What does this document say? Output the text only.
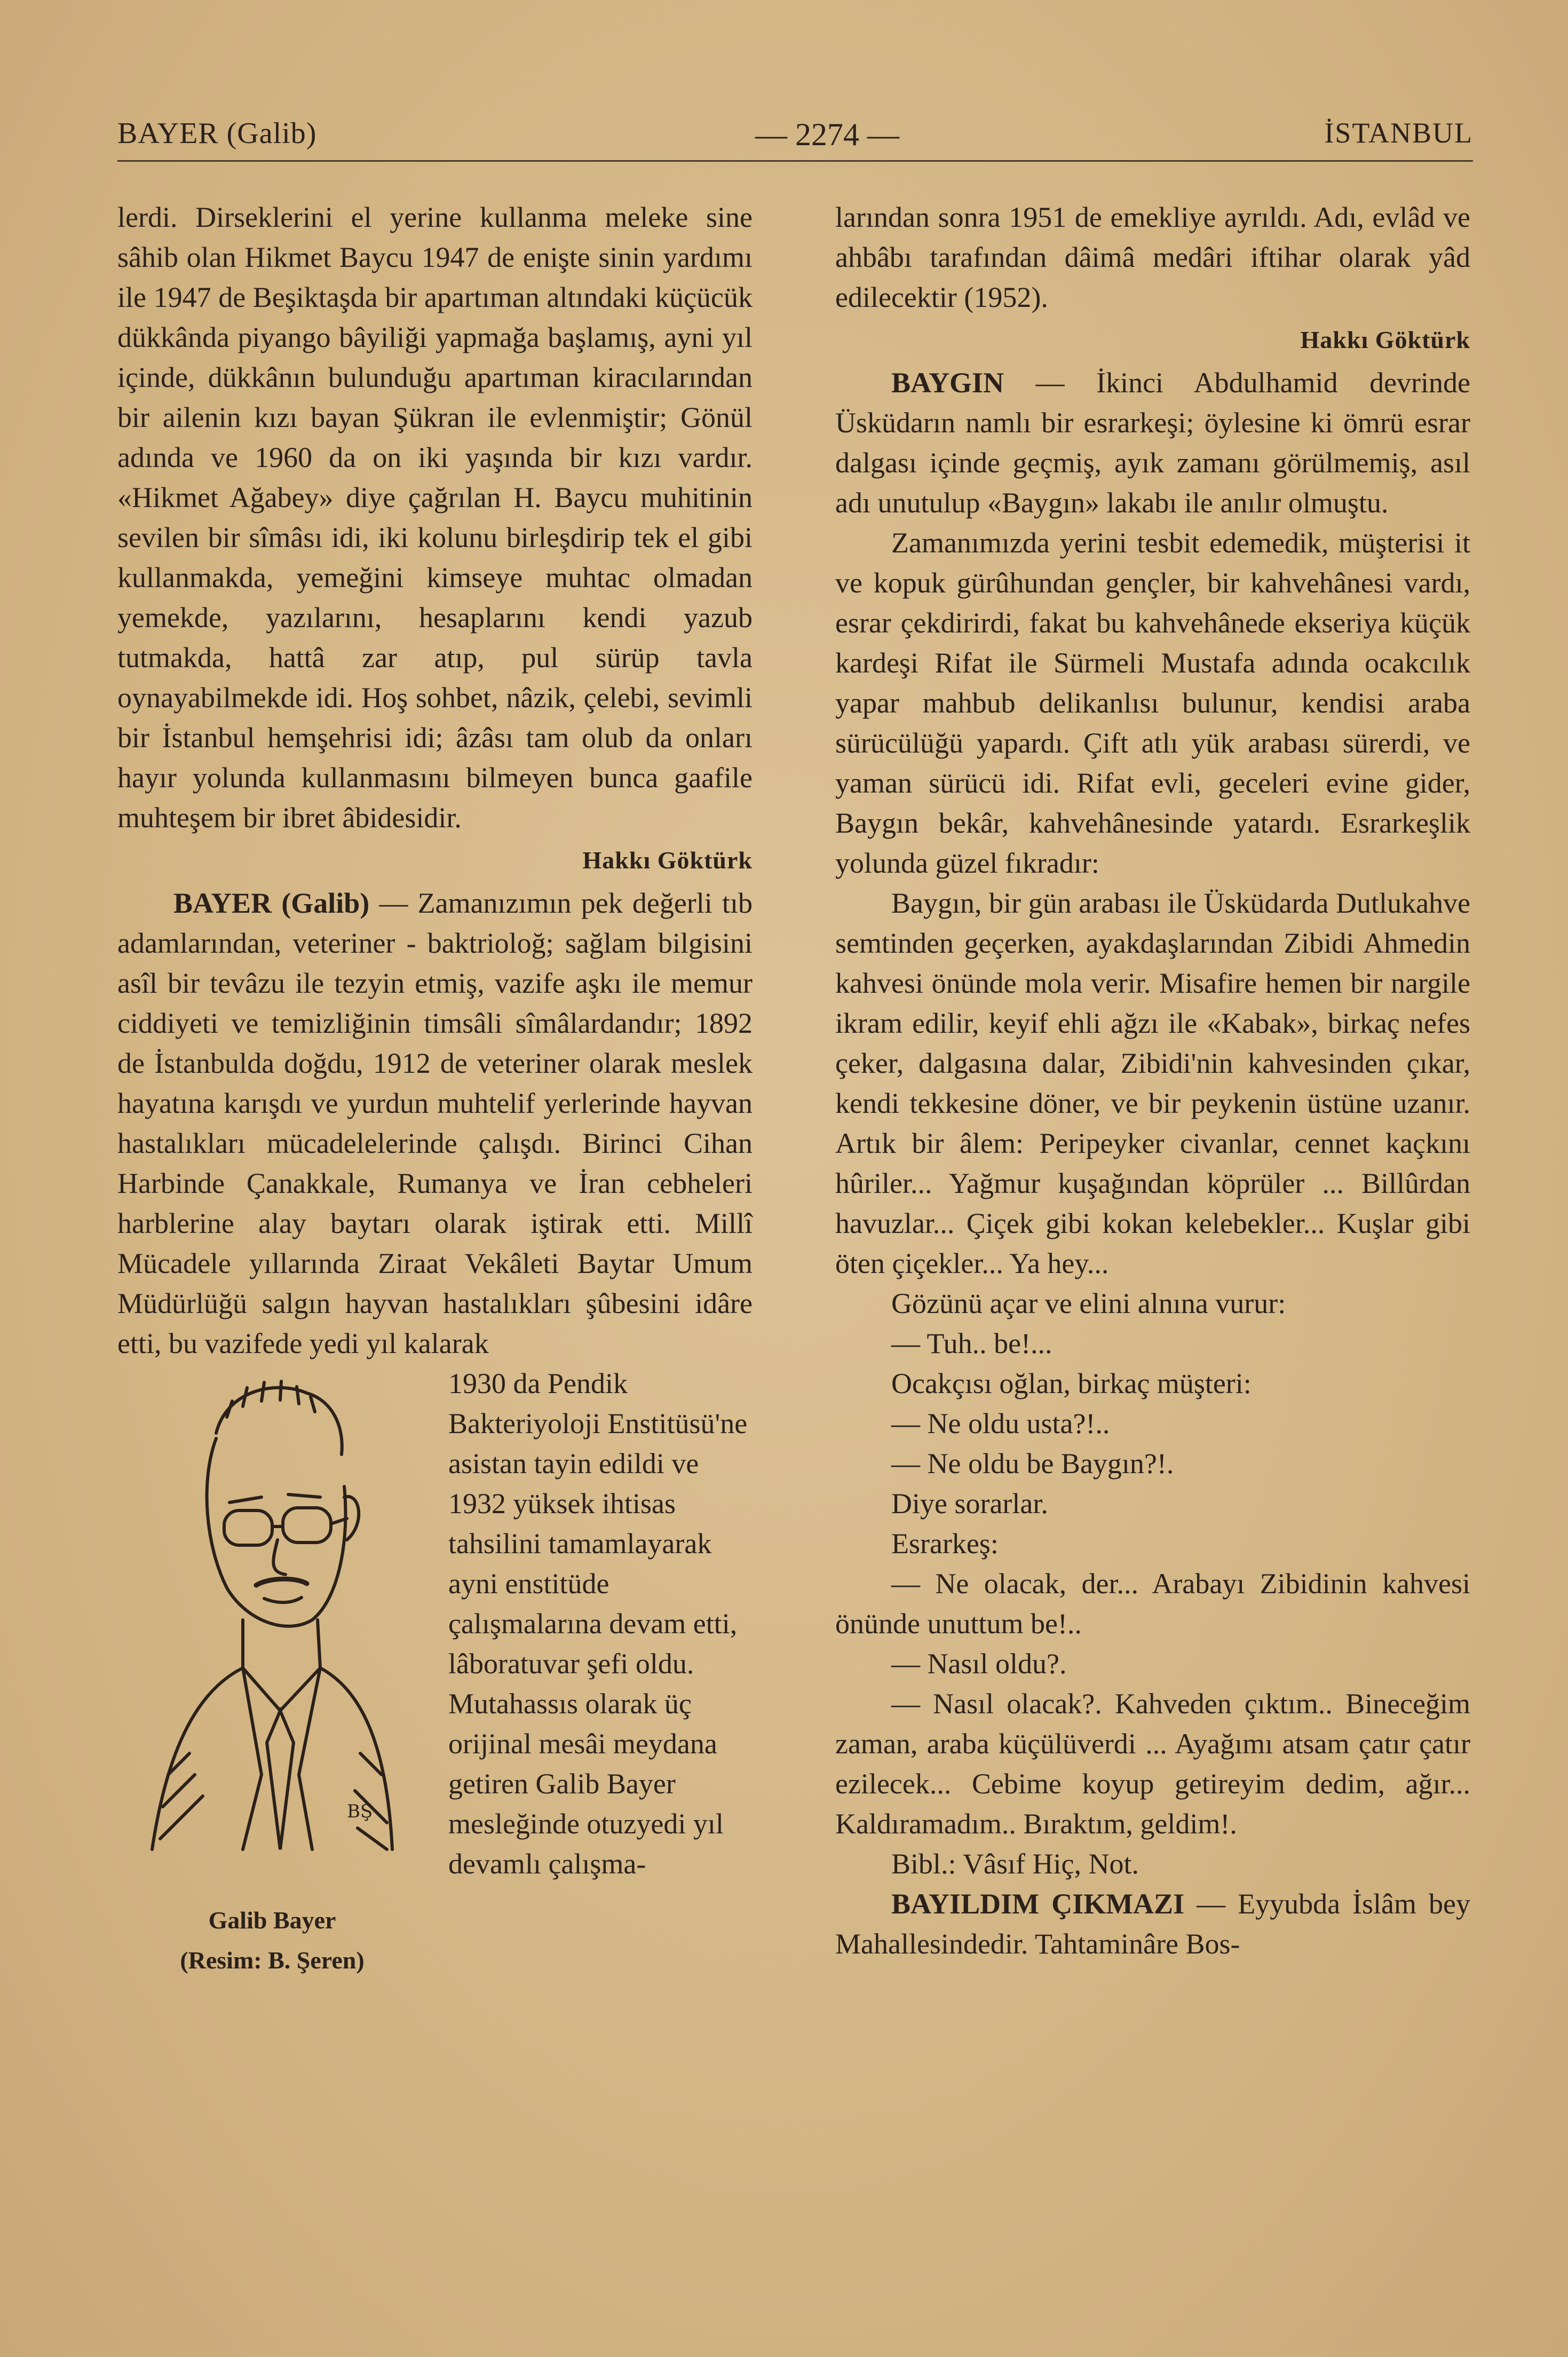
BAYER (Galib)	— 2274 —	İSTANBUL

lerdi. Dirseklerini el yerine kullanma meleke sine sâhib olan Hikmet Baycu 1947 de enişte sinin yardımı ile 1947 de Beşiktaşda bir apartıman altındaki küçücük dükkânda piyango bâyiliği yapmağa başlamış, ayni yıl içinde, dükkânın bulunduğu apartıman kiracılarından bir ailenin kızı bayan Şükran ile evlenmiştir; Gönül adında ve 1960 da on iki yaşında bir kızı vardır. «Hikmet Ağabey» diye çağrılan H. Baycu muhitinin sevilen bir sîmâsı idi, iki kolunu birleşdirip tek el gibi kullanmakda, yemeğini kimseye muhtac olmadan yemekde, yazılarını, hesaplarını kendi yazub tutmakda, hattâ zar atıp, pul sürüp tavla oynayabilmekde idi. Hoş sohbet, nâzik, çelebi, sevimli bir İstanbul hemşehrisi idi; âzâsı tam olub da onları hayır yolunda kullanmasını bilmeyen bunca gaafile muhteşem bir ibret âbidesidir.

Hakkı Göktürk

BAYER (Galib) — Zamanızımın pek değerli tıb adamlarından, veteriner - baktrioloğ; sağlam bilgisini asîl bir tevâzu ile tezyin etmiş, vazife aşkı ile memur ciddiyeti ve temizliğinin timsâli sîmâlardandır; 1892 de İstanbulda doğdu, 1912 de veteriner olarak meslek hayatına karışdı ve yurdun muhtelif yerlerinde hayvan hastalıkları mücadelelerinde çalışdı. Birinci Cihan Harbinde Çanakkale, Rumanya ve İran cebheleri harblerine alay baytarı olarak iştirak etti. Millî Mücadele yıllarında Ziraat Vekâleti Baytar Umum Müdürlüğü salgın hayvan hastalıkları şûbesini idâre etti, bu vazifede yedi yıl kalarak

BŞ
Galib Bayer
(Resim: B. Şeren)

1930 da Pendik Bakteriyoloji Enstitüsü'ne asistan tayin edildi ve 1932 yüksek ihtisas tahsilini tamamlayarak ayni enstitüde çalışmalarına devam etti, lâboratuvar şefi oldu. Mutahassıs olarak üç orijinal mesâi meydana getiren Galib Bayer mesleğinde otuzyedi yıl devamlı çalışma-

larından sonra 1951 de emekliye ayrıldı. Adı, evlâd ve ahbâbı tarafından dâimâ medâri iftihar olarak yâd edilecektir (1952).

Hakkı Göktürk

BAYGIN — İkinci Abdulhamid devrinde Üsküdarın namlı bir esrarkeşi; öylesine ki ömrü esrar dalgası içinde geçmiş, ayık zamanı görülmemiş, asıl adı unutulup «Baygın» lakabı ile anılır olmuştu.

Zamanımızda yerini tesbit edemedik, müşterisi it ve kopuk gürûhundan gençler, bir kahvehânesi vardı, esrar çekdirirdi, fakat bu kahvehânede ekseriya küçük kardeşi Rifat ile Sürmeli Mustafa adında ocakcılık yapar mahbub delikanlısı bulunur, kendisi araba sürücülüğü yapardı. Çift atlı yük arabası sürerdi, ve yaman sürücü idi. Rifat evli, geceleri evine gider, Baygın bekâr, kahvehânesinde yatardı. Esrarkeşlik yolunda güzel fıkradır:

Baygın, bir gün arabası ile Üsküdarda Dutlukahve semtinden geçerken, ayakdaşlarından Zibidi Ahmedin kahvesi önünde mola verir. Misafire hemen bir nargile ikram edilir, keyif ehli ağzı ile «Kabak», birkaç nefes çeker, dalgasına dalar, Zibidi'nin kahvesinden çıkar, kendi tekkesine döner, ve bir peykenin üstüne uzanır. Artık bir âlem: Peripeyker civanlar, cennet kaçkını hûriler... Yağmur kuşağından köprüler ... Billûrdan havuzlar... Çiçek gibi kokan kelebekler... Kuşlar gibi öten çiçekler... Ya hey...

Gözünü açar ve elini alnına vurur:

— Tuh.. be!...

Ocakçısı oğlan, birkaç müşteri:

— Ne oldu usta?!..

— Ne oldu be Baygın?!.

Diye sorarlar.

Esrarkeş:

— Ne olacak, der... Arabayı Zibidinin kahvesi önünde unuttum be!..

— Nasıl oldu?.

— Nasıl olacak?. Kahveden çıktım.. Bineceğim zaman, araba küçülüverdi ... Ayağımı atsam çatır çatır ezilecek... Cebime koyup getireyim dedim, ağır... Kaldıramadım.. Bıraktım, geldim!.

Bibl.: Vâsıf Hiç, Not.

BAYILDIM ÇIKMAZI — Eyyubda İslâm bey Mahallesindedir. Tahtaminâre Bos-
